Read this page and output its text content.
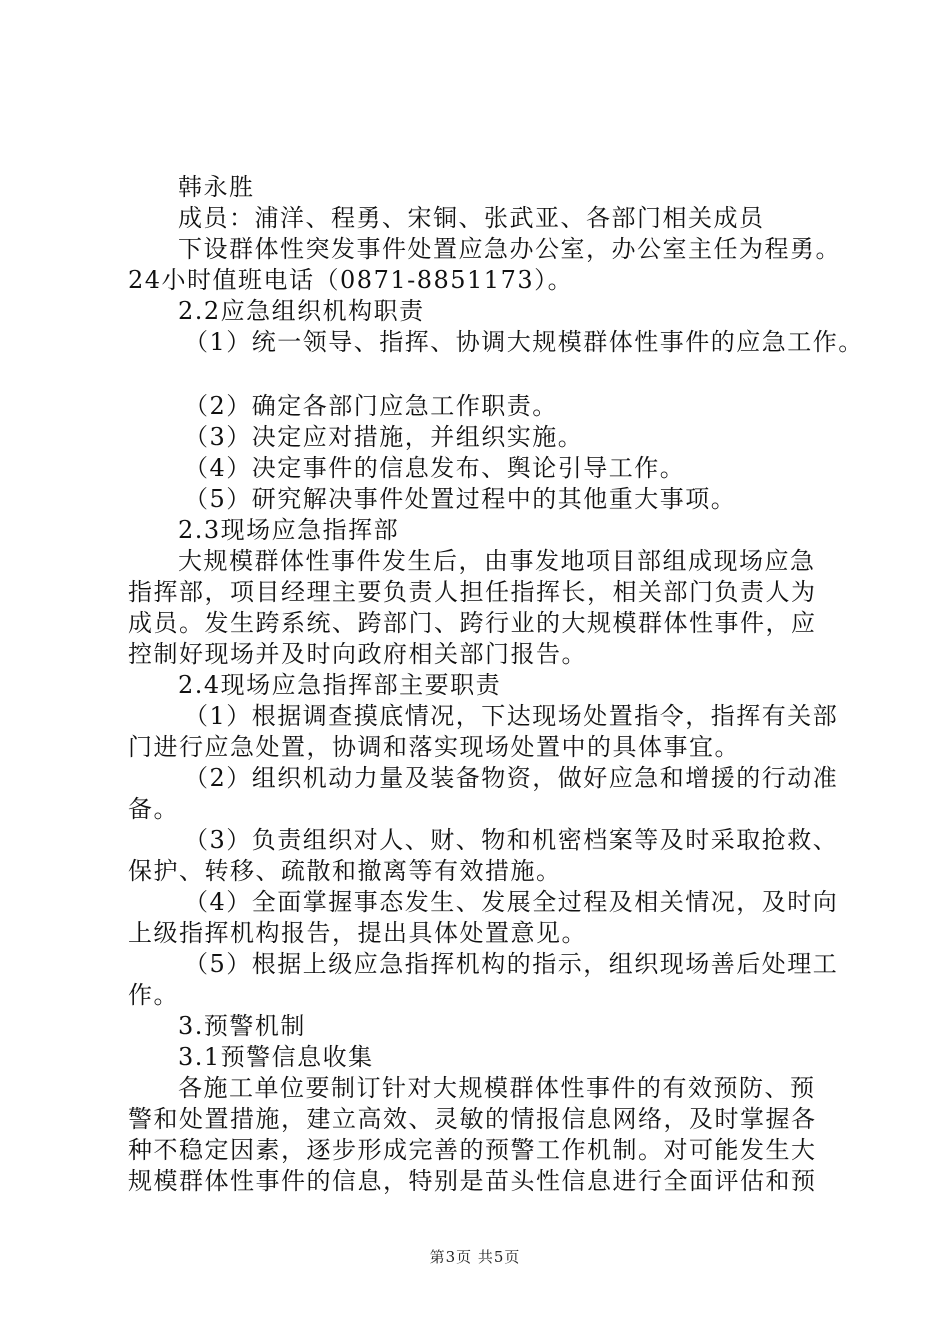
韩永胜
成员：浦洋、程勇、宋铜、张武亚、各部门相关成员
下设群体性突发事件处置应急办公室，办公室主任为程勇。
24小时值班电话（0871-8851173）。
2.2应急组织机构职责
（1）统一领导、指挥、协调大规模群体性事件的应急工作。
（2）确定各部门应急工作职责。
（3）决定应对措施，并组织实施。
（4）决定事件的信息发布、舆论引导工作。
（5）研究解决事件处置过程中的其他重大事项。
2.3现场应急指挥部
大规模群体性事件发生后，由事发地项目部组成现场应急
指挥部，项目经理主要负责人担任指挥长，相关部门负责人为
成员。发生跨系统、跨部门、跨行业的大规模群体性事件，应
控制好现场并及时向政府相关部门报告。
2.4现场应急指挥部主要职责
（1）根据调查摸底情况，下达现场处置指令，指挥有关部
门进行应急处置，协调和落实现场处置中的具体事宜。
（2）组织机动力量及装备物资，做好应急和增援的行动准
备。
（3）负责组织对人、财、物和机密档案等及时采取抢救、
保护、转移、疏散和撤离等有效措施。
（4）全面掌握事态发生、发展全过程及相关情况，及时向
上级指挥机构报告，提出具体处置意见。
（5）根据上级应急指挥机构的指示，组织现场善后处理工
作。
3.预警机制
3.1预警信息收集
各施工单位要制订针对大规模群体性事件的有效预防、预
警和处置措施，建立高效、灵敏的情报信息网络，及时掌握各
种不稳定因素，逐步形成完善的预警工作机制。对可能发生大
规模群体性事件的信息，特别是苗头性信息进行全面评估和预
第3页 共5页
